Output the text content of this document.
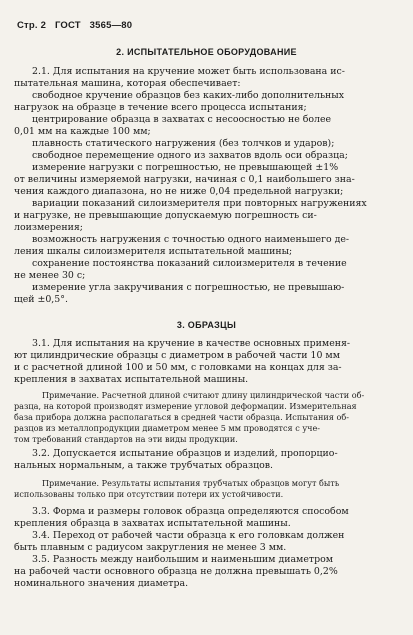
Стр. 2 ГОСТ 3565—80
2. ИСПЫТАТЕЛЬНОЕ ОБОРУДОВАНИЕ
2.1. Для испытания на кручение может быть использована ис-
пытательная машина, которая обеспечивает:
свободное кручение образцов без каких-либо дополнительных
нагрузок на образце в течение всего процесса испытания;
центрирование образца в захватах с несоосностью не более
0,01 мм на каждые 100 мм;
плавность статического нагружения (без толчков и ударов);
свободное перемещение одного из захватов вдоль оси образца;
измерение нагрузки с погрешностью, не превышающей ±1%
от величины измеряемой нагрузки, начиная с 0,1 наибольшего зна-
чения каждого диапазона, но не ниже 0,04 предельной нагрузки;
вариации показаний силоизмерителя при повторных нагружениях
и нагрузке, не превышающие допускаемую погрешность си-
лоизмерения;
возможность нагружения с точностью одного наименьшего де-
ления шкалы силоизмерителя испытательной машины;
сохранение постоянства показаний силоизмерителя в течение
не менее 30 с;
измерение угла закручивания с погрешностью, не превышаю-
щей ±0,5°.
3. ОБРАЗЦЫ
3.1. Для испытания на кручение в качестве основных применя-
ют цилиндрические образцы с диаметром в рабочей части 10 мм
и с расчетной длиной 100 и 50 мм, с головками на концах для за-
крепления в захватах испытательной машины.
Примечание. Расчетной длиной считают длину цилиндрической части об-
разца, на которой производят измерение угловой деформации. Измерительная
база прибора должна располагаться в средней части образца. Испытания об-
разцов из металлопродукции диаметром менее 5 мм проводятся с уче-
том требований стандартов на эти виды продукции.
3.2. Допускается испытание образцов и изделий, пропорцио-
нальных нормальным, а также трубчатых образцов.
Примечание. Результаты испытания трубчатых образцов могут быть
использованы только при отсутствии потери их устойчивости.
3.3. Форма и размеры головок образца определяются способом
крепления образца в захватах испытательной машины.
3.4. Переход от рабочей части образца к его головкам должен
быть плавным с радиусом закругления не менее 3 мм.
3.5. Разность между наибольшим и наименьшим диаметром
на рабочей части основного образца не должна превышать 0,2%
номинального значения диаметра.
